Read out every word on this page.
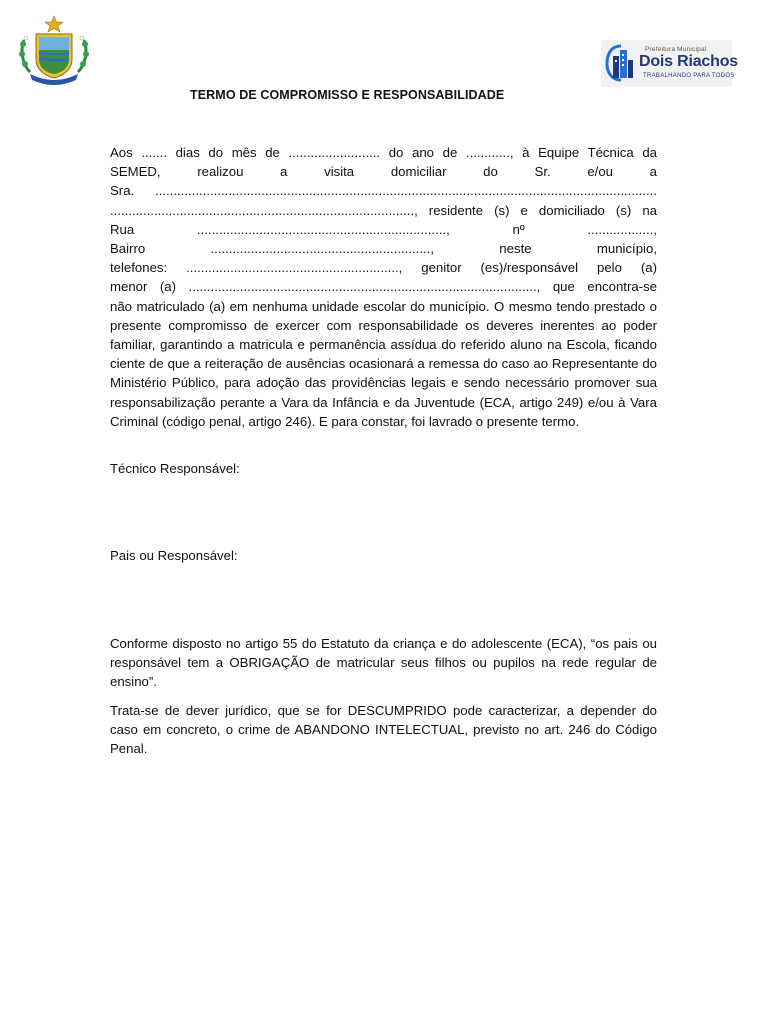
Prefeitura Municipal
Dois Riachos
TRABALHANDO PARA TODOS
TERMO DE COMPROMISSO E RESPONSABILIDADE
Aos ....... dias do mês de ......................... do ano de ............, à Equipe Técnica da
SEMED, realizou a visita domiciliar do Sr. e/ou a
Sra. .........................................................................................................................................
..................................................................................., residente (s) e domiciliado (s) na
Rua ...................................................................., nº ..................,
Bairro ............................................................, neste município,
telefones: .........................................................., genitor (es)/responsável pelo (a)
menor (a) ..............................................................................................., que encontra-se
não matriculado (a) em nenhuma unidade escolar do município. O mesmo tendo prestado o presente compromisso de exercer com responsabilidade os deveres inerentes ao poder familiar, garantindo a matricula e permanência assídua do referido aluno na Escola, ficando ciente de que a reiteração de ausências ocasionará a remessa do caso ao Representante do Ministério Público, para adoção das providências legais e sendo necessário promover sua responsabilização perante a Vara da Infância e da Juventude (ECA, artigo 249) e/ou à Vara Criminal (código penal, artigo 246). E para constar, foi lavrado o presente termo.
Técnico Responsável:
Pais ou Responsável:
Conforme disposto no artigo 55 do Estatuto da criança e do adolescente (ECA), “os pais ou responsável tem a OBRIGAÇÃO de matricular seus filhos ou pupilos na rede regular de ensino”.
Trata-se de dever jurídico, que se for DESCUMPRIDO pode caracterizar, a depender do caso em concreto, o crime de ABANDONO INTELECTUAL, previsto no art. 246 do Código Penal.
